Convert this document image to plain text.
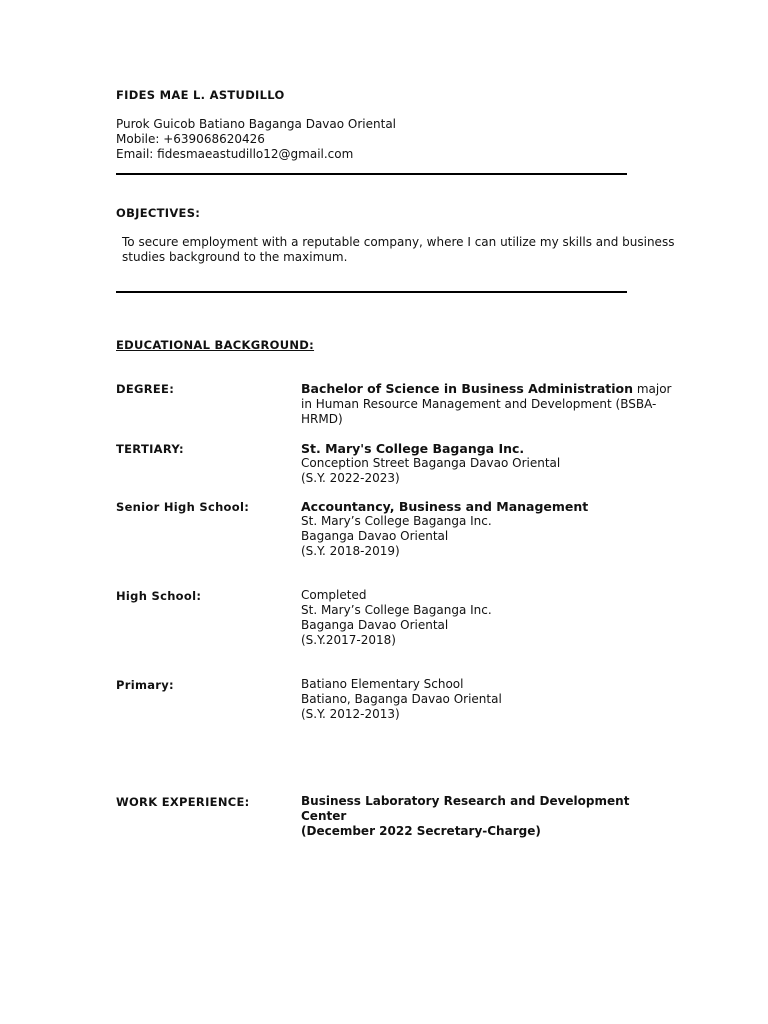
FIDES MAE L. ASTUDILLO
Purok Guicob Batiano Baganga Davao Oriental
Mobile: +639068620426
Email: fidesmaeastudillo12@gmail.com
OBJECTIVES:
To secure employment with a reputable company, where I can utilize my skills and business
studies background to the maximum.
EDUCATIONAL BACKGROUND:
DEGREE:	Bachelor of Science in Business Administration major
in Human Resource Management and Development (BSBA-
HRMD)
TERTIARY:	St. Mary's College Baganga Inc.
Conception Street Baganga Davao Oriental
(S.Y. 2022-2023)
Senior High School:	Accountancy, Business and Management
St. Mary’s College Baganga Inc.
Baganga Davao Oriental
(S.Y. 2018-2019)
High School:	Completed
St. Mary’s College Baganga Inc.
Baganga Davao Oriental
(S.Y.2017-2018)
Primary:	Batiano Elementary School
Batiano, Baganga Davao Oriental
(S.Y. 2012-2013)
WORK EXPERIENCE:	Business Laboratory Research and Development
Center
(December 2022 Secretary-Charge)
